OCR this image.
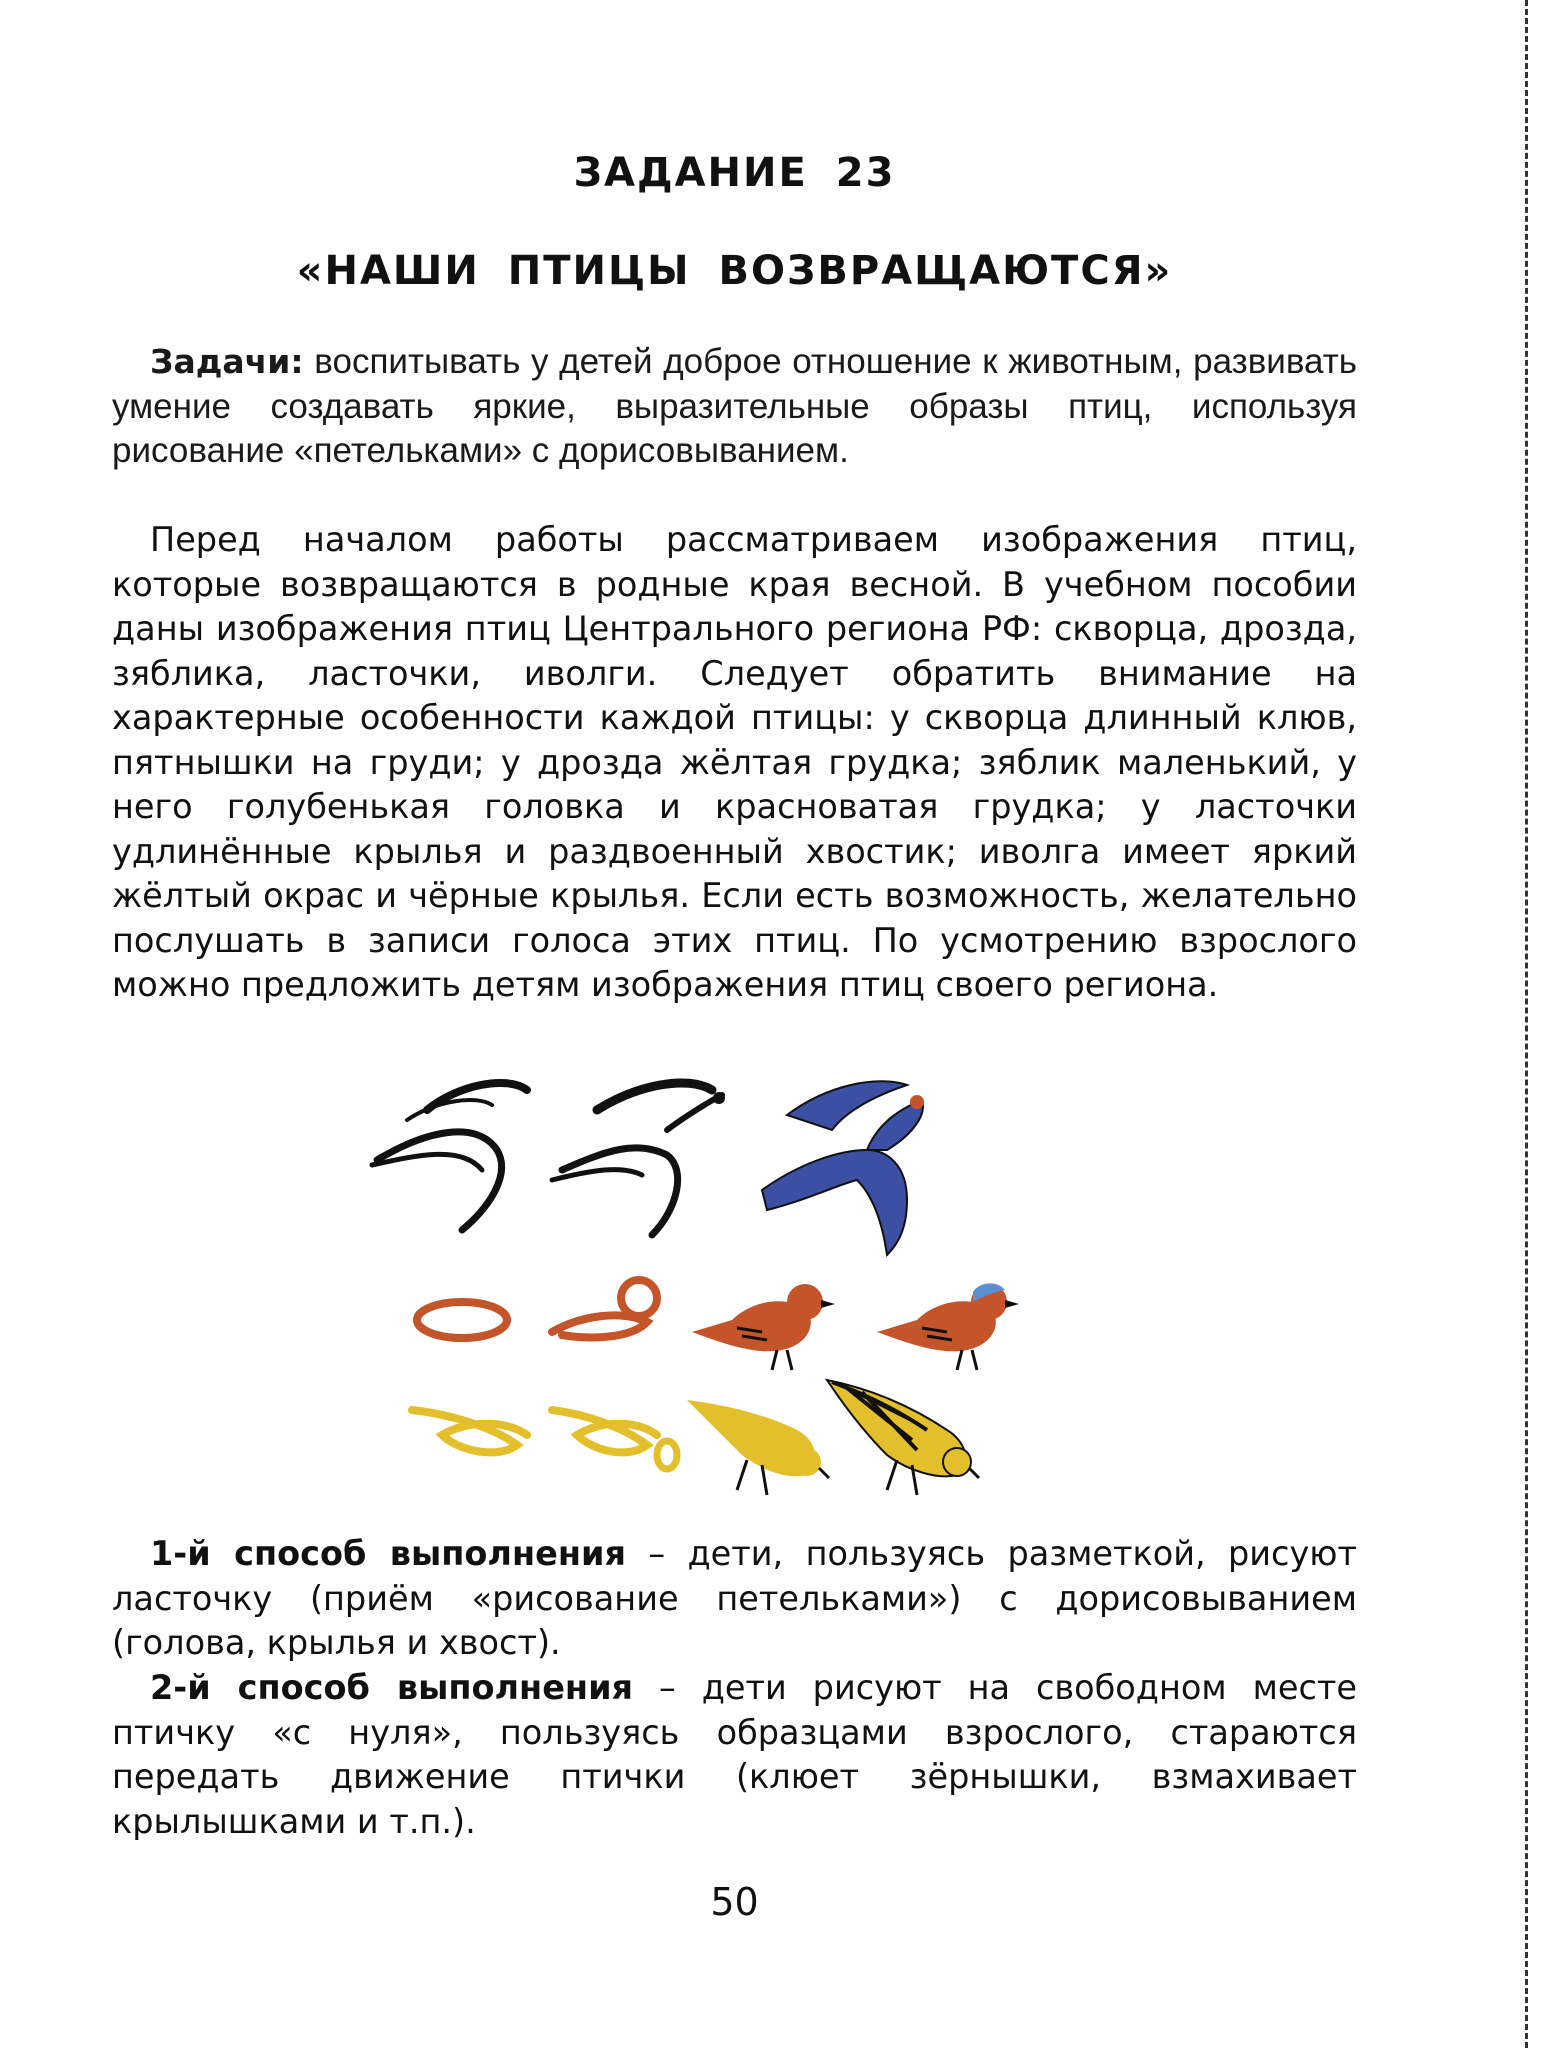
ЗАДАНИЕ 23
«НАШИ ПТИЦЫ ВОЗВРАЩАЮТСЯ»

Задачи: воспитывать у детей доброе отношение к животным, развивать умение создавать яркие, выразительные образы птиц, используя рисование «петельками» с дорисовыванием.

Перед началом работы рассматриваем изображения птиц, которые возвращаются в родные края весной. В учебном пособии даны изображения птиц Центрального региона РФ: скворца, дрозда, зяблика, ласточки, иволги. Следует обратить внимание на характерные особенности каждой птицы: у скворца длинный клюв, пятнышки на груди; у дрозда жёлтая грудка; зяблик маленький, у него голубенькая головка и красноватая грудка; у ласточки удлинённые крылья и раздвоенный хвостик; иволга имеет яркий жёлтый окрас и чёрные крылья. Если есть возможность, желательно послушать в записи голоса этих птиц. По усмотрению взрослого можно предложить детям изображения птиц своего региона.

1-й способ выполнения – дети, пользуясь разметкой, рисуют ласточку (приём «рисование петельками») с дорисовыванием (голова, крылья и хвост).

2-й способ выполнения – дети рисуют на свободном месте птичку «с нуля», пользуясь образцами взрослого, стараются передать движение птички (клюет зёрнышки, взмахивает крылышками и т.п.).

50
